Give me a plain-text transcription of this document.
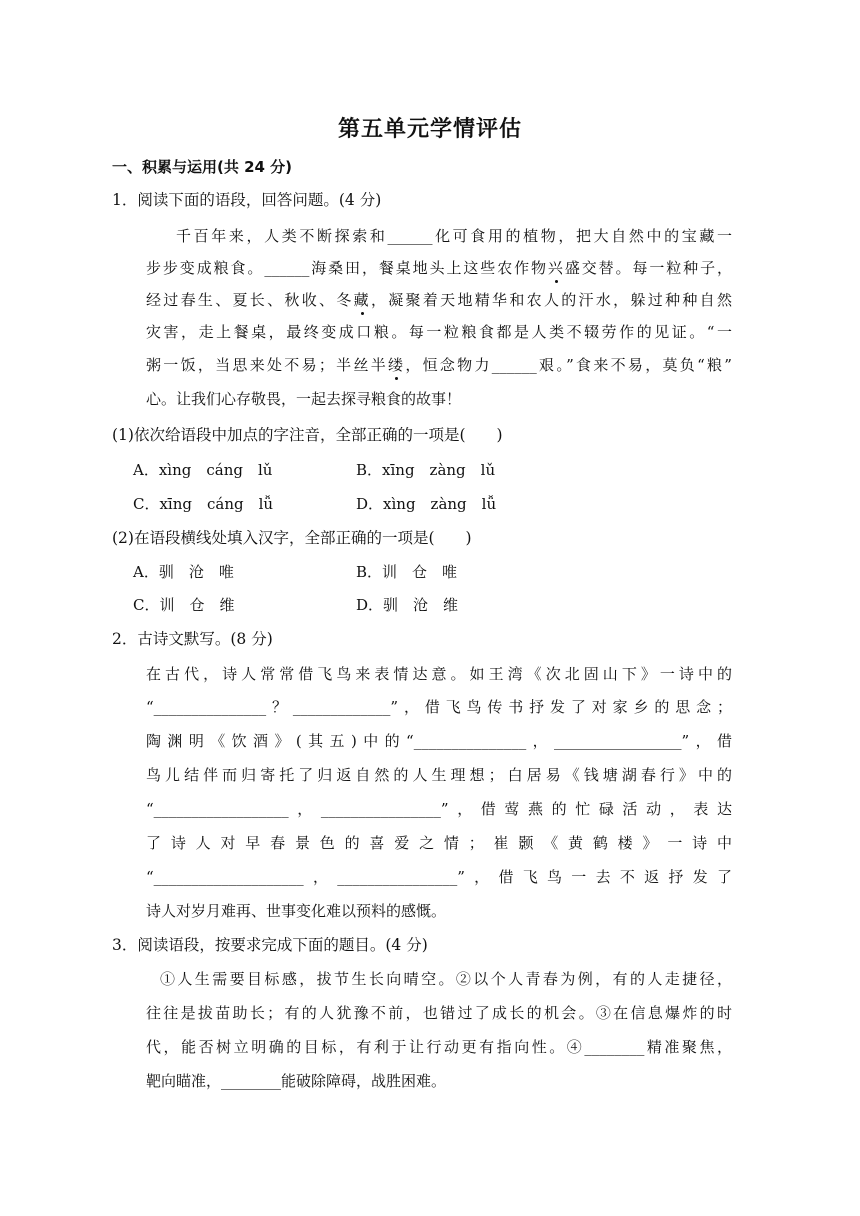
第五单元学情评估
一、积累与运用(共 24 分)
1．阅读下面的语段，回答问题。(4 分)
千百年来，人类不断探索和______化可食用的植物，把大自然中的宝藏一
步步变成粮食。______海桑田，餐桌地头上这些农作物兴盛交替。每一粒种子，
经过春生、夏长、秋收、冬藏，凝聚着天地精华和农人的汗水，躲过种种自然
灾害，走上餐桌，最终变成口粮。每一粒粮食都是人类不辍劳作的见证。“一
粥一饭，当思来处不易；半丝半缕，恒念物力______艰。”食来不易，莫负“粮”
心。让我们心存敬畏，一起去探寻粮食的故事！
(1)依次给语段中加点的字注音，全部正确的一项是(　　)
A．xìng　cáng　lǔ	B．xīng　zàng　lǔ
C．xīng　cáng　lǚ	D．xìng　zàng　lǚ
(2)在语段横线处填入汉字，全部正确的一项是(　　)
A．驯　沧　唯	B．训　仓　唯
C．训　仓　维	D．驯　沧　维
2．古诗文默写。(8 分)
在古代，诗人常常借飞鸟来表情达意。如王湾《次北固山下》一诗中的
“_______________？_____________”，借飞鸟传书抒发了对家乡的思念；
陶渊明《饮酒》(其五)中的“_______________，_________________”，借
鸟儿结伴而归寄托了归返自然的人生理想；白居易《钱塘湖春行》中的
“__________________，________________”，借莺燕的忙碌活动，表达
了诗人对早春景色的喜爱之情；崔颢《黄鹤楼》一诗中
“____________________，________________”，借飞鸟一去不返抒发了
诗人对岁月难再、世事变化难以预料的感慨。
3．阅读语段，按要求完成下面的题目。(4 分)
①人生需要目标感，拔节生长向晴空。②以个人青春为例，有的人走捷径，
往往是拔苗助长；有的人犹豫不前，也错过了成长的机会。③在信息爆炸的时
代，能否树立明确的目标，有利于让行动更有指向性。④________精准聚焦，
靶向瞄准，________能破除障碍，战胜困难。
